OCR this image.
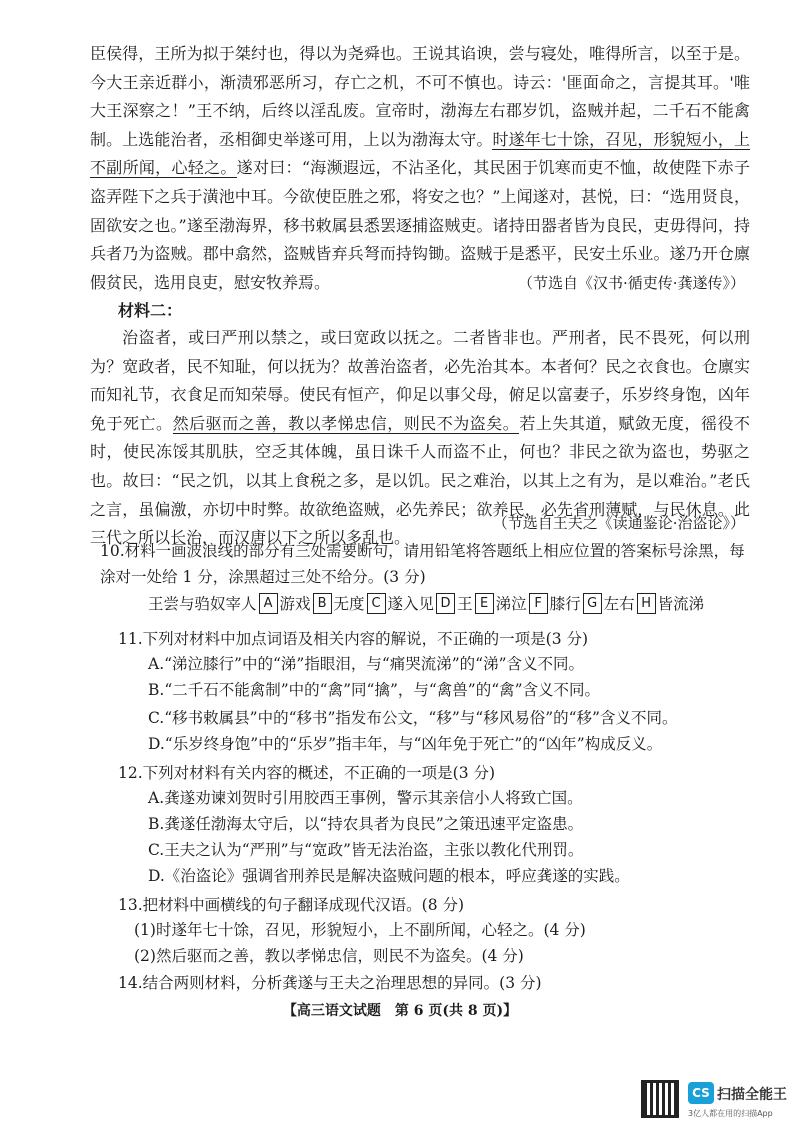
臣侯得，王所为拟于桀纣也，得以为尧舜也。王说其谄谀，尝与寝处，唯得所言，以至于是。今大王亲近群小，渐渍邪恶所习，存亡之机，不可不慎也。诗云：'匪面命之，言提其耳。'唯大王深察之！”王不纳，后终以淫乱废。宣帝时，渤海左右郡岁饥，盗贼并起，二千石不能禽制。上选能治者，丞相御史举遂可用，上以为渤海太守。时遂年七十馀，召见，形貌短小，上不副所闻，心轻之。遂对曰：“海濒遐远，不沾圣化，其民困于饥寒而吏不恤，故使陛下赤子盗弄陛下之兵于潢池中耳。今欲使臣胜之邪，将安之也？”上闻遂对，甚悦，曰：“选用贤良，固欲安之也。”遂至渤海界，移书敕属县悉罢逐捕盗贼吏。诸持田器者皆为良民，吏毋得问，持兵者乃为盗贼。郡中翕然，盗贼皆弃兵弩而持钩锄。盗贼于是悉平，民安土乐业。遂乃开仓廪假贫民，选用良吏，慰安牧养焉。	（节选自《汉书·循吏传·龚遂传》）

材料二：

治盗者，或曰严刑以禁之，或曰宽政以抚之。二者皆非也。严刑者，民不畏死，何以刑为？宽政者，民不知耻，何以抚为？故善治盗者，必先治其本。本者何？民之衣食也。仓廪实而知礼节，衣食足而知荣辱。使民有恒产，仰足以事父母，俯足以富妻子，乐岁终身饱，凶年免于死亡。然后驱而之善，教以孝悌忠信，则民不为盗矣。若上失其道，赋敛无度，徭役不时，使民冻馁其肌肤，空乏其体魄，虽日诛千人而盗不止，何也？非民之欲为盗也，势驱之也。故曰：“民之饥，以其上食税之多，是以饥。民之难治，以其上之有为，是以难治。”老氏之言，虽偏激，亦切中时弊。故欲绝盗贼，必先养民；欲养民，必先省刑薄赋，与民休息。此三代之所以长治，而汉唐以下之所以多乱也。

（节选自王夫之《读通鉴论·治盗论》）

10.材料一画波浪线的部分有三处需要断句，请用铅笔将答题纸上相应位置的答案标号涂黑，每涂对一处给 1 分，涂黑超过三处不给分。(3 分)

王尝与驺奴宰人 A 游戏 B 无度 C 遂入见 D 王 E 涕泣 F 膝行 G 左右 H 皆流涕

11.下列对材料中加点词语及相关内容的解说，不正确的一项是(3 分)

A.“涕泣膝行”中的“涕”指眼泪，与“痛哭流涕”的“涕”含义不同。

B.“二千石不能禽制”中的“禽”同“擒”，与“禽兽”的“禽”含义不同。

C.“移书敕属县”中的“移书”指发布公文，“移”与“移风易俗”的“移”含义不同。

D.“乐岁终身饱”中的“乐岁”指丰年，与“凶年免于死亡”的“凶年”构成反义。

12.下列对材料有关内容的概述，不正确的一项是(3 分)

A.龚遂劝谏刘贺时引用胶西王事例，警示其亲信小人将致亡国。

B.龚遂任渤海太守后，以“持农具者为良民”之策迅速平定盗患。

C.王夫之认为“严刑”与“宽政”皆无法治盗，主张以教化代刑罚。

D.《治盗论》强调省刑养民是解决盗贼问题的根本，呼应龚遂的实践。

13.把材料中画横线的句子翻译成现代汉语。(8 分)

(1)时遂年七十馀，召见，形貌短小，上不副所闻，心轻之。(4 分)

(2)然后驱而之善，教以孝悌忠信，则民不为盗矣。(4 分)

14.结合两则材料，分析龚遂与王夫之治理思想的异同。(3 分)

【高三语文试题　第 6 页(共 8 页)】
CS 扫描全能王
3亿人都在用的扫描App
